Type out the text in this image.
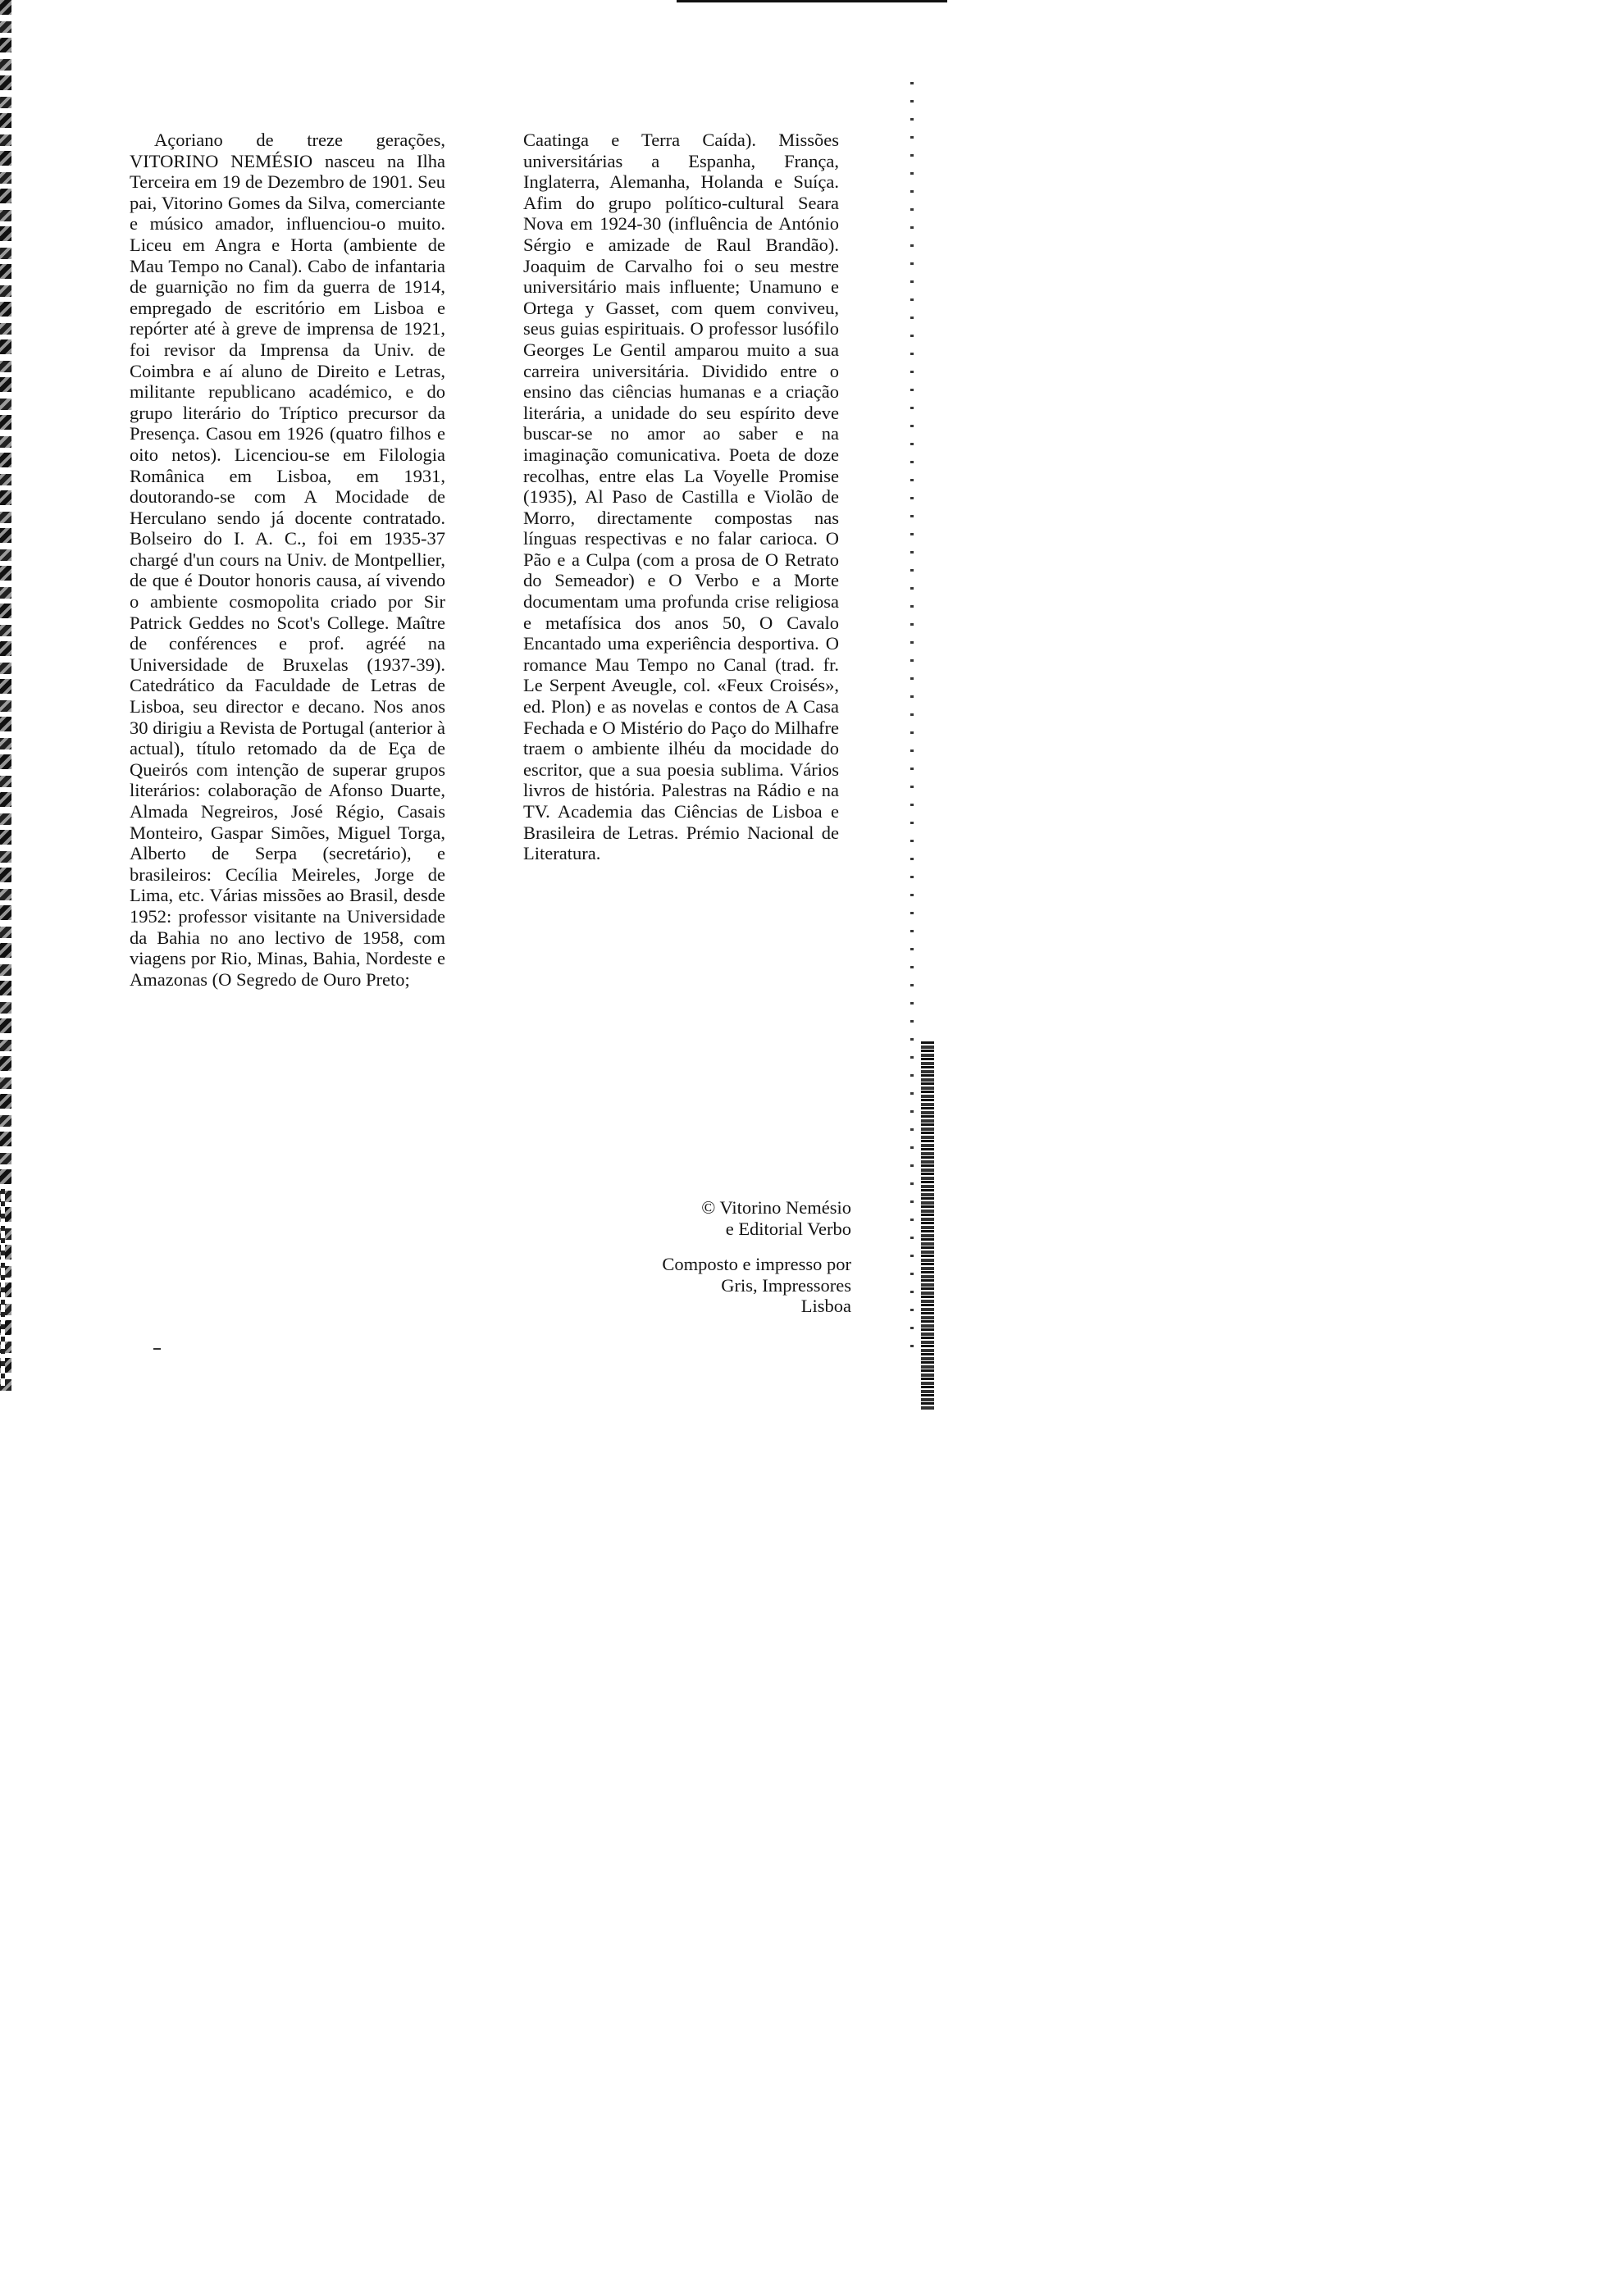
Açoriano de treze gerações, VITORINO NEMÉSIO nasceu na Ilha Terceira em 19 de Dezembro de 1901. Seu pai, Vitorino Gomes da Silva, comerciante e músico amador, influenciou-o muito. Liceu em Angra e Horta (ambiente de Mau Tempo no Canal). Cabo de infantaria de guarnição no fim da guerra de 1914, empregado de escritório em Lisboa e repórter até à greve de imprensa de 1921, foi revisor da Imprensa da Univ. de Coimbra e aí aluno de Direito e Letras, militante republicano académico, e do grupo literário do Tríptico precursor da Presença. Casou em 1926 (quatro filhos e oito netos). Licenciou-se em Filologia Românica em Lisboa, em 1931, doutorando-se com A Mocidade de Herculano sendo já docente contratado. Bolseiro do I. A. C., foi em 1935-37 chargé d'un cours na Univ. de Montpellier, de que é Doutor honoris causa, aí vivendo o ambiente cosmopolita criado por Sir Patrick Geddes no Scot's College. Maître de conférences e prof. agréé na Universidade de Bruxelas (1937-39). Catedrático da Faculdade de Letras de Lisboa, seu director e decano. Nos anos 30 dirigiu a Revista de Portugal (anterior à actual), título retomado da de Eça de Queirós com intenção de superar grupos literários: colaboração de Afonso Duarte, Almada Negreiros, José Régio, Casais Monteiro, Gaspar Simões, Miguel Torga, Alberto de Serpa (secretário), e brasileiros: Cecília Meireles, Jorge de Lima, etc. Várias missões ao Brasil, desde 1952: professor visitante na Universidade da Bahia no ano lectivo de 1958, com viagens por Rio, Minas, Bahia, Nordeste e Amazonas (O Segredo de Ouro Preto;

Caatinga e Terra Caída). Missões universitárias a Espanha, França, Inglaterra, Alemanha, Holanda e Suíça. Afim do grupo político-cultural Seara Nova em 1924-30 (influência de António Sérgio e amizade de Raul Brandão). Joaquim de Carvalho foi o seu mestre universitário mais influente; Unamuno e Ortega y Gasset, com quem conviveu, seus guias espirituais. O professor lusófilo Georges Le Gentil amparou muito a sua carreira universitária. Dividido entre o ensino das ciências humanas e a criação literária, a unidade do seu espírito deve buscar-se no amor ao saber e na imaginação comunicativa. Poeta de doze recolhas, entre elas La Voyelle Promise (1935), Al Paso de Castilla e Violão de Morro, directamente compostas nas línguas respectivas e no falar carioca. O Pão e a Culpa (com a prosa de O Retrato do Semeador) e O Verbo e a Morte documentam uma profunda crise religiosa e metafísica dos anos 50, O Cavalo Encantado uma experiência desportiva. O romance Mau Tempo no Canal (trad. fr. Le Serpent Aveugle, col. «Feux Croisés», ed. Plon) e as novelas e contos de A Casa Fechada e O Mistério do Paço do Milhafre traem o ambiente ilhéu da mocidade do escritor, que a sua poesia sublima. Vários livros de história. Palestras na Rádio e na TV. Academia das Ciências de Lisboa e Brasileira de Letras. Prémio Nacional de Literatura.

© Vitorino Nemésio
e Editorial Verbo
Composto e impresso por
Gris, Impressores
Lisboa
